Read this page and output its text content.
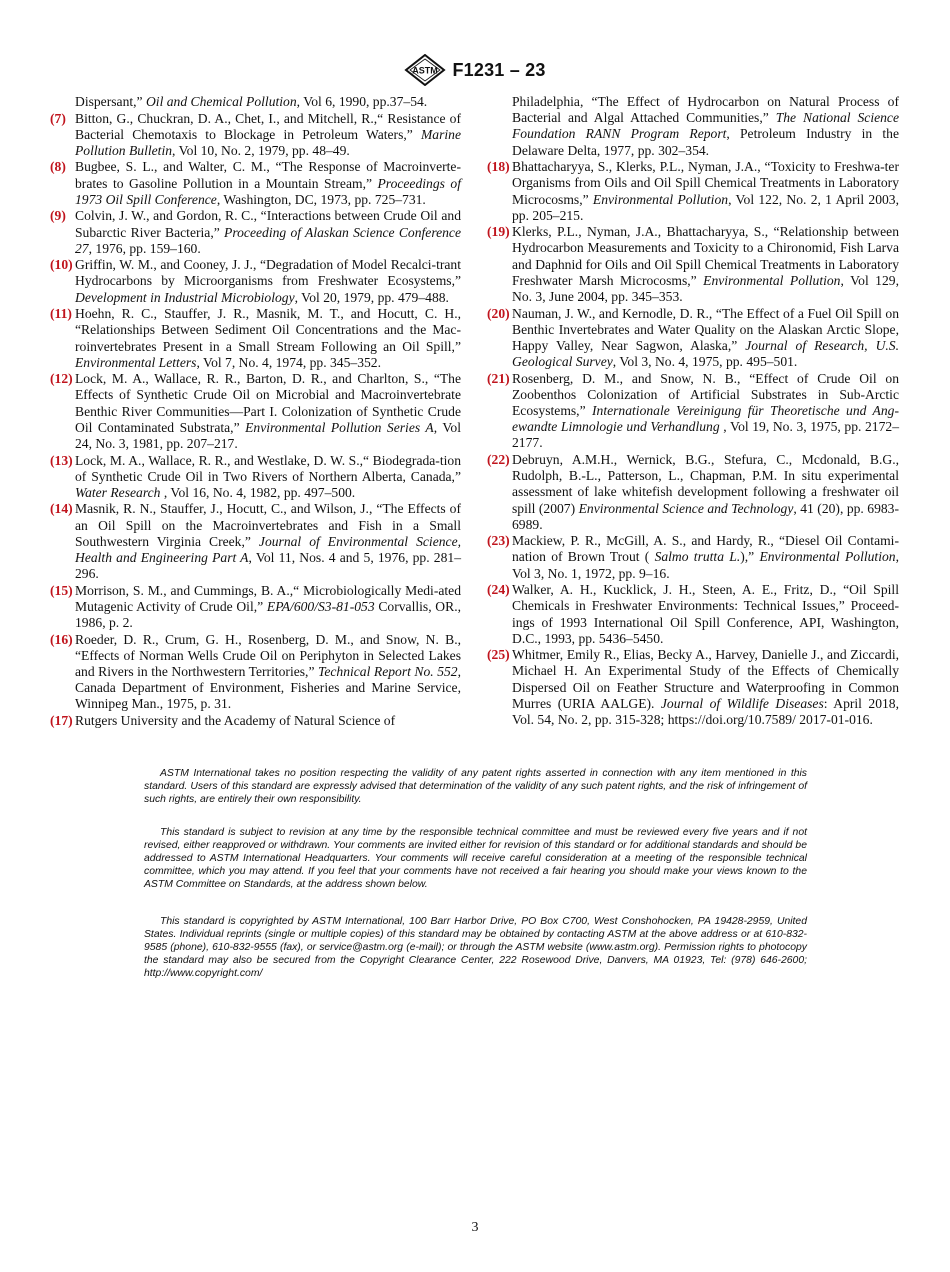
ASTM F1231 – 23
Dispersant,” Oil and Chemical Pollution, Vol 6, 1990, pp.37–54.
(7) Bitton, G., Chuckran, D. A., Chet, I., and Mitchell, R.,“ Resistance of Bacterial Chemotaxis to Blockage in Petroleum Waters,” Marine Pollution Bulletin, Vol 10, No. 2, 1979, pp. 48–49.
(8) Bugbee, S. L., and Walter, C. M., “The Response of Macroinverte-brates to Gasoline Pollution in a Mountain Stream,” Proceedings of 1973 Oil Spill Conference, Washington, DC, 1973, pp. 725–731.
(9) Colvin, J. W., and Gordon, R. C., “Interactions between Crude Oil and Subarctic River Bacteria,” Proceeding of Alaskan Science Conference 27, 1976, pp. 159–160.
(10) Griffin, W. M., and Cooney, J. J., “Degradation of Model Recalci-trant Hydrocarbons by Microorganisms from Freshwater Ecosystems,” Development in Industrial Microbiology, Vol 20, 1979, pp. 479–488.
(11) Hoehn, R. C., Stauffer, J. R., Masnik, M. T., and Hocutt, C. H., “Relationships Between Sediment Oil Concentrations and the Mac-roinvertebrates Present in a Small Stream Following an Oil Spill,” Environmental Letters, Vol 7, No. 4, 1974, pp. 345–352.
(12) Lock, M. A., Wallace, R. R., Barton, D. R., and Charlton, S., “The Effects of Synthetic Crude Oil on Microbial and Macroinvertebrate Benthic River Communities—Part I. Colonization of Synthetic Crude Oil Contaminated Substrata,” Environmental Pollution Series A, Vol 24, No. 3, 1981, pp. 207–217.
(13) Lock, M. A., Wallace, R. R., and Westlake, D. W. S.,“ Biodegrada-tion of Synthetic Crude Oil in Two Rivers of Northern Alberta, Canada,” Water Research , Vol 16, No. 4, 1982, pp. 497–500.
(14) Masnik, R. N., Stauffer, J., Hocutt, C., and Wilson, J., “The Effects of an Oil Spill on the Macroinvertebrates and Fish in a Small Southwestern Virginia Creek,” Journal of Environmental Science, Health and Engineering Part A, Vol 11, Nos. 4 and 5, 1976, pp. 281–296.
(15) Morrison, S. M., and Cummings, B. A.,“ Microbiologically Medi-ated Mutagenic Activity of Crude Oil,” EPA/600/S3-81-053 Corvallis, OR., 1986, p. 2.
(16) Roeder, D. R., Crum, G. H., Rosenberg, D. M., and Snow, N. B., “Effects of Norman Wells Crude Oil on Periphyton in Selected Lakes and Rivers in the Northwestern Territories,” Technical Report No. 552, Canada Department of Environment, Fisheries and Marine Service, Winnipeg Man., 1975, p. 31.
(17) Rutgers University and the Academy of Natural Science of
Philadelphia, “The Effect of Hydrocarbon on Natural Process of Bacterial and Algal Attached Communities,” The National Science Foundation RANN Program Report, Petroleum Industry in the Delaware Delta, 1977, pp. 302–354.
(18) Bhattacharyya, S., Klerks, P.L., Nyman, J.A., “Toxicity to Freshwa-ter Organisms from Oils and Oil Spill Chemical Treatments in Laboratory Microcosms,” Environmental Pollution, Vol 122, No. 2, 1 April 2003, pp. 205–215.
(19) Klerks, P.L., Nyman, J.A., Bhattacharyya, S., “Relationship between Hydrocarbon Measurements and Toxicity to a Chironomid, Fish Larva and Daphnid for Oils and Oil Spill Chemical Treatments in Laboratory Freshwater Marsh Microcosms,” Environmental Pollution, Vol 129, No. 3, June 2004, pp. 345–353.
(20) Nauman, J. W., and Kernodle, D. R., “The Effect of a Fuel Oil Spill on Benthic Invertebrates and Water Quality on the Alaskan Arctic Slope, Happy Valley, Near Sagwon, Alaska,” Journal of Research, U.S. Geological Survey, Vol 3, No. 4, 1975, pp. 495–501.
(21) Rosenberg, D. M., and Snow, N. B., “Effect of Crude Oil on Zoobenthos Colonization of Artificial Substrates in Sub-Arctic Ecosystems,” Internationale Vereinigung für Theoretische und Ang-ewandte Limnologie und Verhandlung , Vol 19, No. 3, 1975, pp. 2172–2177.
(22) Debruyn, A.M.H., Wernick, B.G., Stefura, C., Mcdonald, B.G., Rudolph, B.-L., Patterson, L., Chapman, P.M. In situ experimental assessment of lake whitefish development following a freshwater oil spill (2007) Environmental Science and Technology, 41 (20), pp. 6983-6989.
(23) Mackiew, P. R., McGill, A. S., and Hardy, R., “Diesel Oil Contami-nation of Brown Trout ( Salmo trutta L.),” Environmental Pollution, Vol 3, No. 1, 1972, pp. 9–16.
(24) Walker, A. H., Kucklick, J. H., Steen, A. E., Fritz, D., “Oil Spill Chemicals in Freshwater Environments: Technical Issues,” Proceed-ings of 1993 International Oil Spill Conference, API, Washington, D.C., 1993, pp. 5436–5450.
(25) Whitmer, Emily R., Elias, Becky A., Harvey, Danielle J., and Ziccardi, Michael H. An Experimental Study of the Effects of Chemically Dispersed Oil on Feather Structure and Waterproofing in Common Murres (URIA AALGE). Journal of Wildlife Diseases: April 2018, Vol. 54, No. 2, pp. 315-328; https://doi.org/10.7589/ 2017-01-016.

ASTM International takes no position respecting the validity of any patent rights asserted in connection with any item mentioned in this standard. Users of this standard are expressly advised that determination of the validity of any such patent rights, and the risk of infringement of such rights, are entirely their own responsibility.

This standard is subject to revision at any time by the responsible technical committee and must be reviewed every five years and if not revised, either reapproved or withdrawn. Your comments are invited either for revision of this standard or for additional standards and should be addressed to ASTM International Headquarters. Your comments will receive careful consideration at a meeting of the responsible technical committee, which you may attend. If you feel that your comments have not received a fair hearing you should make your views known to the ASTM Committee on Standards, at the address shown below.

This standard is copyrighted by ASTM International, 100 Barr Harbor Drive, PO Box C700, West Conshohocken, PA 19428-2959, United States. Individual reprints (single or multiple copies) of this standard may be obtained by contacting ASTM at the above address or at 610-832-9585 (phone), 610-832-9555 (fax), or service@astm.org (e-mail); or through the ASTM website (www.astm.org). Permission rights to photocopy the standard may also be secured from the Copyright Clearance Center, 222 Rosewood Drive, Danvers, MA 01923, Tel: (978) 646-2600; http://www.copyright.com/

3
